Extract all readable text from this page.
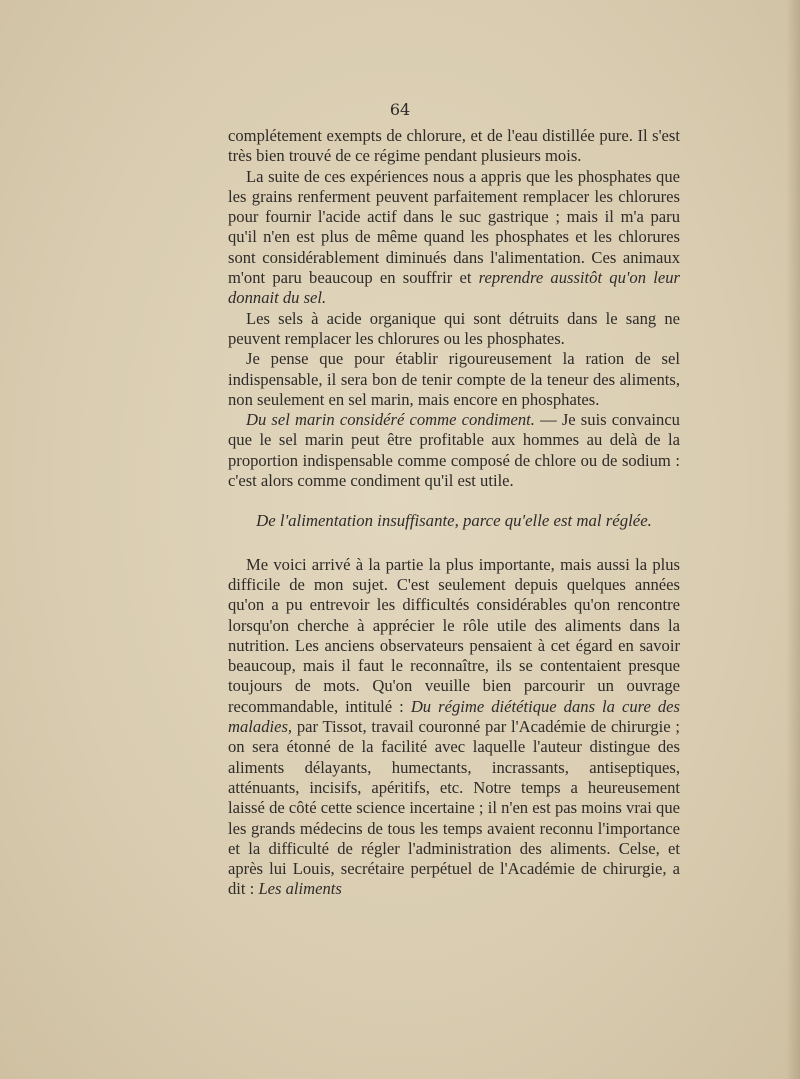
64

complétement exempts de chlorure, et de l'eau distillée pure. Il s'est très bien trouvé de ce régime pendant plusieurs mois.

La suite de ces expériences nous a appris que les phosphates que les grains renferment peuvent parfaitement remplacer les chlorures pour fournir l'acide actif dans le suc gastrique ; mais il m'a paru qu'il n'en est plus de même quand les phosphates et les chlorures sont considérablement diminués dans l'alimentation. Ces animaux m'ont paru beaucoup en souffrir et reprendre aussitôt qu'on leur donnait du sel.

Les sels à acide organique qui sont détruits dans le sang ne peuvent remplacer les chlorures ou les phosphates.

Je pense que pour établir rigoureusement la ration de sel indispensable, il sera bon de tenir compte de la teneur des aliments, non seulement en sel marin, mais encore en phosphates.

Du sel marin considéré comme condiment. — Je suis convaincu que le sel marin peut être profitable aux hommes au delà de la proportion indispensable comme composé de chlore ou de sodium : c'est alors comme condiment qu'il est utile.

De l'alimentation insuffisante, parce qu'elle est mal réglée.

Me voici arrivé à la partie la plus importante, mais aussi la plus difficile de mon sujet. C'est seulement depuis quelques années qu'on a pu entrevoir les difficultés considérables qu'on rencontre lorsqu'on cherche à apprécier le rôle utile des aliments dans la nutrition. Les anciens observateurs pensaient à cet égard en savoir beaucoup, mais il faut le reconnaître, ils se contentaient presque toujours de mots. Qu'on veuille bien parcourir un ouvrage recommandable, intitulé : Du régime diététique dans la cure des maladies, par Tissot, travail couronné par l'Académie de chirurgie ; on sera étonné de la facilité avec laquelle l'auteur distingue des aliments délayants, humectants, incrassants, antiseptiques, atténuants, incisifs, apéritifs, etc. Notre temps a heureusement laissé de côté cette science incertaine ; il n'en est pas moins vrai que les grands médecins de tous les temps avaient reconnu l'importance et la difficulté de régler l'administration des aliments. Celse, et après lui Louis, secrétaire perpétuel de l'Académie de chirurgie, a dit : Les aliments
